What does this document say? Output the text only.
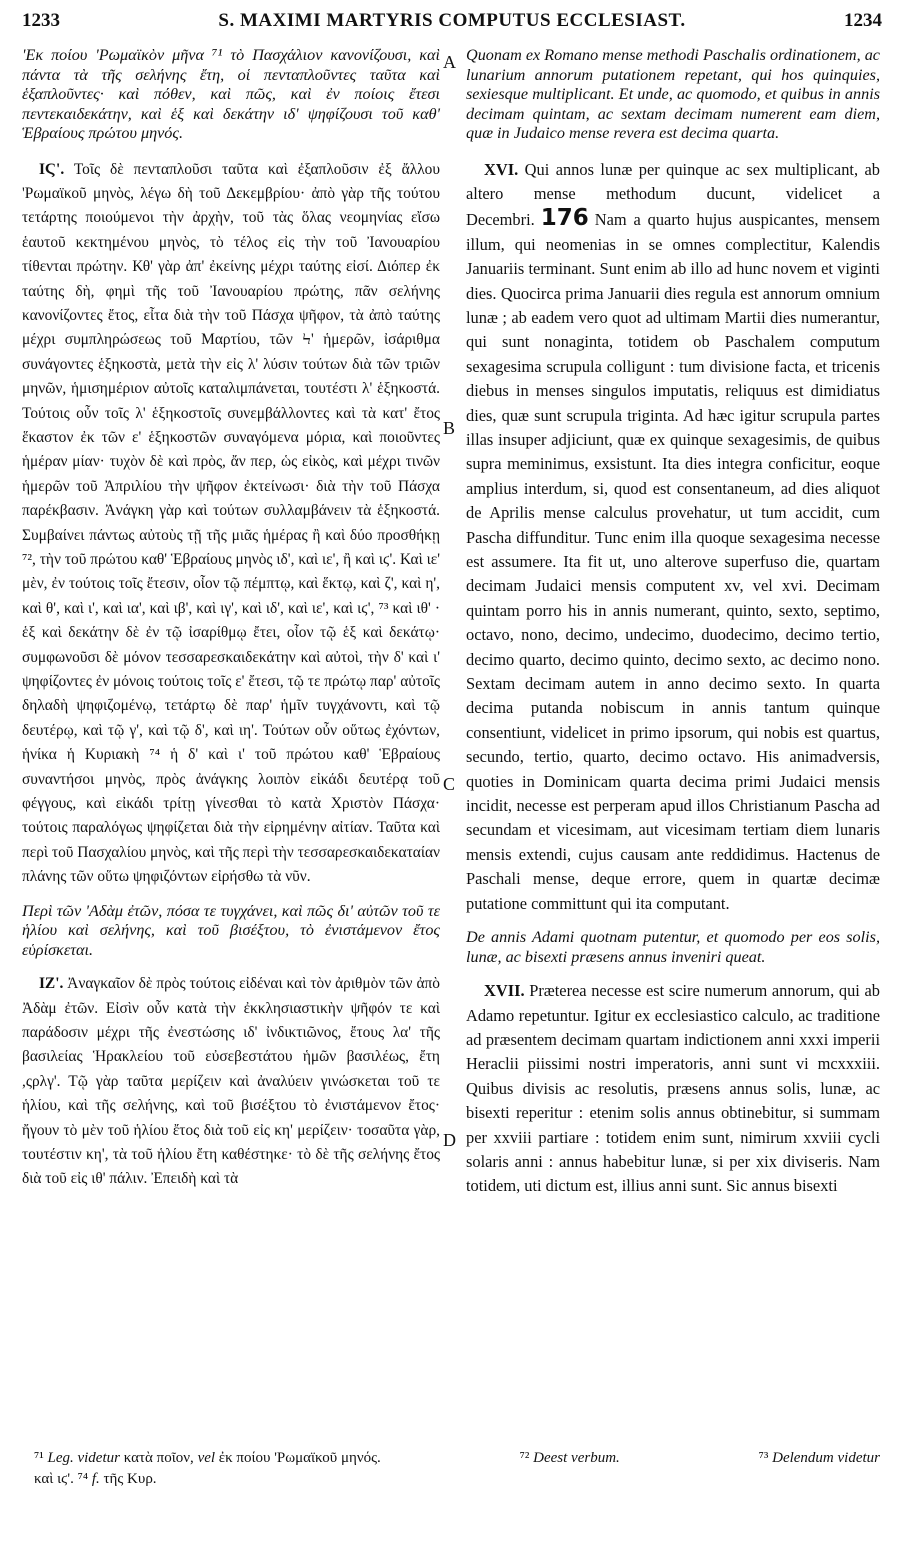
1233	S. MAXIMI MARTYRIS COMPUTUS ECCLESIAST.	1234

'Εκ ποίου 'Ρωμαϊκὸν μῆνα ⁷¹ τὸ Πασχάλιον κανονίζουσι, καὶ πάντα τὰ τῆς σελήνης ἔτη, οἱ πενταπλοῦντες ταῦτα καὶ ἑξαπλοῦντες· καὶ πόθεν, καὶ πῶς, καὶ ἐν ποίοις ἔτεσι πεντεκαιδεκάτην, καὶ ἑξ καὶ δεκάτην ιδ' ψηφίζουσι τοῦ καθ' Ἑβραίους πρώτου μηνός.

ΙϚ'. Τοῖς δὲ πενταπλοῦσι ταῦτα καὶ ἐξαπλοῦσιν ἐξ ἄλλου 'Ρωμαϊκοῦ μηνὸς, λέγω δὴ τοῦ Δεκεμβρίου· ἀπὸ γὰρ τῆς τούτου τετάρτης ποιούμενοι τὴν ἀρχὴν, τοῦ τὰς ὅλας νεομηνίας εἴσω ἑαυτοῦ κεκτημένου μηνὸς, τὸ τέλος εἰς τὴν τοῦ Ἰανουαρίου τίθενται πρώτην. Κθ' γὰρ ἀπ' ἐκείνης μέχρι ταύτης εἰσί. Διόπερ ἐκ ταύτης δὴ, φημὶ τῆς τοῦ Ἰανουαρίου πρώτης, πᾶν σελήνης κανονίζοντες ἔτος, εἶτα διὰ τὴν τοῦ Πάσχα ψῆφον, τὰ ἀπὸ ταύτης μέχρι συμπληρώσεως τοῦ Μαρτίου, τῶν Ϟ' ἡμερῶν, ἰσάριθμα συνάγοντες ἑξηκοστὰ, μετὰ τὴν εἰς λ' λύσιν τούτων διὰ τῶν τριῶν μηνῶν, ἡμισημέριον αὐτοῖς καταλιμπάνεται, τουτέστι λ' ἑξηκοστά. Τούτοις οὖν τοῖς λ' ἑξηκοστοῖς συνεμβάλλοντες καὶ τὰ κατ' ἔτος ἕκαστον ἐκ τῶν ε' ἑξηκοστῶν συναγόμενα μόρια, καὶ ποιοῦντες ἡμέραν μίαν· τυχὸν δὲ καὶ πρὸς, ἄν περ, ὡς εἰκὸς, καὶ μέχρι τινῶν ἡμερῶν τοῦ Ἀπριλίου τὴν ψῆφον ἐκτείνωσι· διὰ τὴν τοῦ Πάσχα παρέκβασιν. Ἀνάγκη γὰρ καὶ τούτων συλλαμβάνειν τὰ ἑξηκοστά. Συμβαίνει πάντως αὐτοὺς τῇ τῆς μιᾶς ἡμέρας ἢ καὶ δύο προσθήκῃ ⁷², τὴν τοῦ πρώτου καθ' Ἑβραίους μηνὸς ιδ', καὶ ιε', ἢ καὶ ιϛ'. Καὶ ιε' μὲν, ἐν τούτοις τοῖς ἔτεσιν, οἷον τῷ πέμπτῳ, καὶ ἕκτῳ, καὶ ζ', καὶ η', καὶ θ', καὶ ι', καὶ ια', καὶ ιβ', καὶ ιγ', καὶ ιδ', καὶ ιε', καὶ ιϛ', ⁷³ καὶ ιθ' · ἑξ καὶ δεκάτην δὲ ἐν τῷ ἰσαρίθμῳ ἔτει, οἷον τῷ ἑξ καὶ δεκάτῳ· συμφωνοῦσι δὲ μόνον τεσσαρεσκαιδεκάτην καὶ αὐτοὶ, τὴν δ' καὶ ι' ψηφίζοντες ἐν μόνοις τούτοις τοῖς ε' ἔτεσι, τῷ τε πρώτῳ παρ' αὐτοῖς δηλαδὴ ψηφιζομένῳ, τετάρτῳ δὲ παρ' ἡμῖν τυγχάνοντι, καὶ τῷ δευτέρῳ, καὶ τῷ γ', καὶ τῷ δ', καὶ ιη'. Τούτων οὖν οὕτως ἐχόντων, ἡνίκα ἡ Κυριακὴ ⁷⁴ ἡ δ' καὶ ι' τοῦ πρώτου καθ' Ἑβραίους συναντήσοι μηνὸς, πρὸς ἀνάγκης λοιπὸν εἰκάδι δευτέρᾳ τοῦ φέγγους, καὶ εἰκάδι τρίτῃ γίνεσθαι τὸ κατὰ Χριστὸν Πάσχα· τούτοις παραλόγως ψηφίζεται διὰ τὴν εἰρημένην αἰτίαν. Ταῦτα καὶ περὶ τοῦ Πασχαλίου μηνὸς, καὶ τῆς περὶ τὴν τεσσαρεσκαιδεκαταίαν πλάνης τῶν οὕτω ψηφιζόντων εἰρήσθω τὰ νῦν.

Περὶ τῶν 'Αδὰμ ἐτῶν, πόσα τε τυγχάνει, καὶ πῶς δι' αὐτῶν τοῦ τε ἡλίου καὶ σελήνης, καὶ τοῦ βισέξτου, τὸ ἐνιστάμενον ἔτος εὑρίσκεται.

ΙΖ'. Ἀναγκαῖον δὲ πρὸς τούτοις εἰδέναι καὶ τὸν ἀριθμὸν τῶν ἀπὸ Ἀδὰμ ἐτῶν. Εἰσὶν οὖν κατὰ τὴν ἐκκλησιαστικὴν ψῆφόν τε καὶ παράδοσιν μέχρι τῆς ἐνεστώσης ιδ' ἰνδικτιῶνος, ἔτους λα' τῆς βασιλείας Ἡρακλείου τοῦ εὐσεβεστάτου ἡμῶν βασιλέως, ἔτη ,ςρλγ'. Τῷ γὰρ ταῦτα μερίζειν καὶ ἀναλύειν γινώσκεται τοῦ τε ἡλίου, καὶ τῆς σελήνης, καὶ τοῦ βισέξτου τὸ ἐνιστάμενον ἔτος· ἤγουν τὸ μὲν τοῦ ἡλίου ἔτος διὰ τοῦ εἰς κη' μερίζειν· τοσαῦτα γὰρ, τουτέστιν κη', τὰ τοῦ ἡλίου ἔτη καθέστηκε· τὸ δὲ τῆς σελήνης ἔτος διὰ τοῦ εἰς ιθ' πάλιν. Ἐπειδὴ καὶ τὰ

A
B
C
D

Quonam ex Romano mense methodi Paschalis ordinationem, ac lunarium annorum putationem repetant, qui hos quinquies, sexiesque multiplicant. Et unde, ac quomodo, et quibus in annis decimam quintam, ac sextam decimam numerent eam diem, quæ in Judaico mense revera est decima quarta.

XVI. Qui annos lunæ per quinque ac sex multiplicant, ab altero mense methodum ducunt, videlicet a Decembri. 176 Nam a quarto hujus auspicantes, mensem illum, qui neomenias in se omnes complectitur, Kalendis Januariis terminant. Sunt enim ab illo ad hunc novem et viginti dies. Quocirca prima Januarii dies regula est annorum omnium lunæ ; ab eadem vero quot ad ultimam Martii dies numerantur, qui sunt nonaginta, totidem ob Paschalem computum sexagesima scrupula colligunt : tum divisione facta, et tricenis diebus in menses singulos imputatis, reliquus est dimidiatus dies, quæ sunt scrupula triginta. Ad hæc igitur scrupula partes illas insuper adjiciunt, quæ ex quinque sexagesimis, de quibus supra meminimus, exsistunt. Ita dies integra conficitur, eoque amplius interdum, si, quod est consentaneum, ad dies aliquot de Aprilis mense calculus provehatur, ut tum accidit, cum Pascha diffunditur. Tunc enim illa quoque sexagesima necesse est assumere. Ita fit ut, uno alterove superfuso die, quartam decimam Judaici mensis computent xv, vel xvi. Decimam quintam porro his in annis numerant, quinto, sexto, septimo, octavo, nono, decimo, undecimo, duodecimo, decimo tertio, decimo quarto, decimo quinto, decimo sexto, ac decimo nono. Sextam decimam autem in anno decimo sexto. In quarta decima putanda nobiscum in annis tantum quinque consentiunt, videlicet in primo ipsorum, qui nobis est quartus, secundo, tertio, quarto, decimo octavo. His animadversis, quoties in Dominicam quarta decima primi Judaici mensis incidit, necesse est perperam apud illos Christianum Pascha ad secundam et vicesimam, aut vicesimam tertiam diem lunaris mensis extendi, cujus causam ante reddidimus. Hactenus de Paschali mense, deque errore, quem in quartæ decimæ putatione committunt qui ita computant.

De annis Adami quotnam putentur, et quomodo per eos solis, lunæ, ac bisexti præsens annus inveniri queat.

XVII. Præterea necesse est scire numerum annorum, qui ab Adamo repetuntur. Igitur ex ecclesiastico calculo, ac traditione ad præsentem decimam quartam indictionem anni xxxi imperii Heraclii piissimi nostri imperatoris, anni sunt vi mcxxxiii. Quibus divisis ac resolutis, præsens annus solis, lunæ, ac bisexti reperitur : etenim solis annus obtinebitur, si summam per xxviii partiare : totidem enim sunt, nimirum xxviii cycli solaris anni : annus habebitur lunæ, si per xix diviseris. Nam totidem, uti dictum est, illius anni sunt. Sic annus bisexti

⁷¹ Leg. videtur κατὰ ποῖον, vel ἐκ ποίου 'Ρωμαϊκοῦ μηνός.	⁷² Deest verbum.	⁷³ Delendum videtur
καὶ ιϛ'. ⁷⁴ f. τῆς Κυρ.
